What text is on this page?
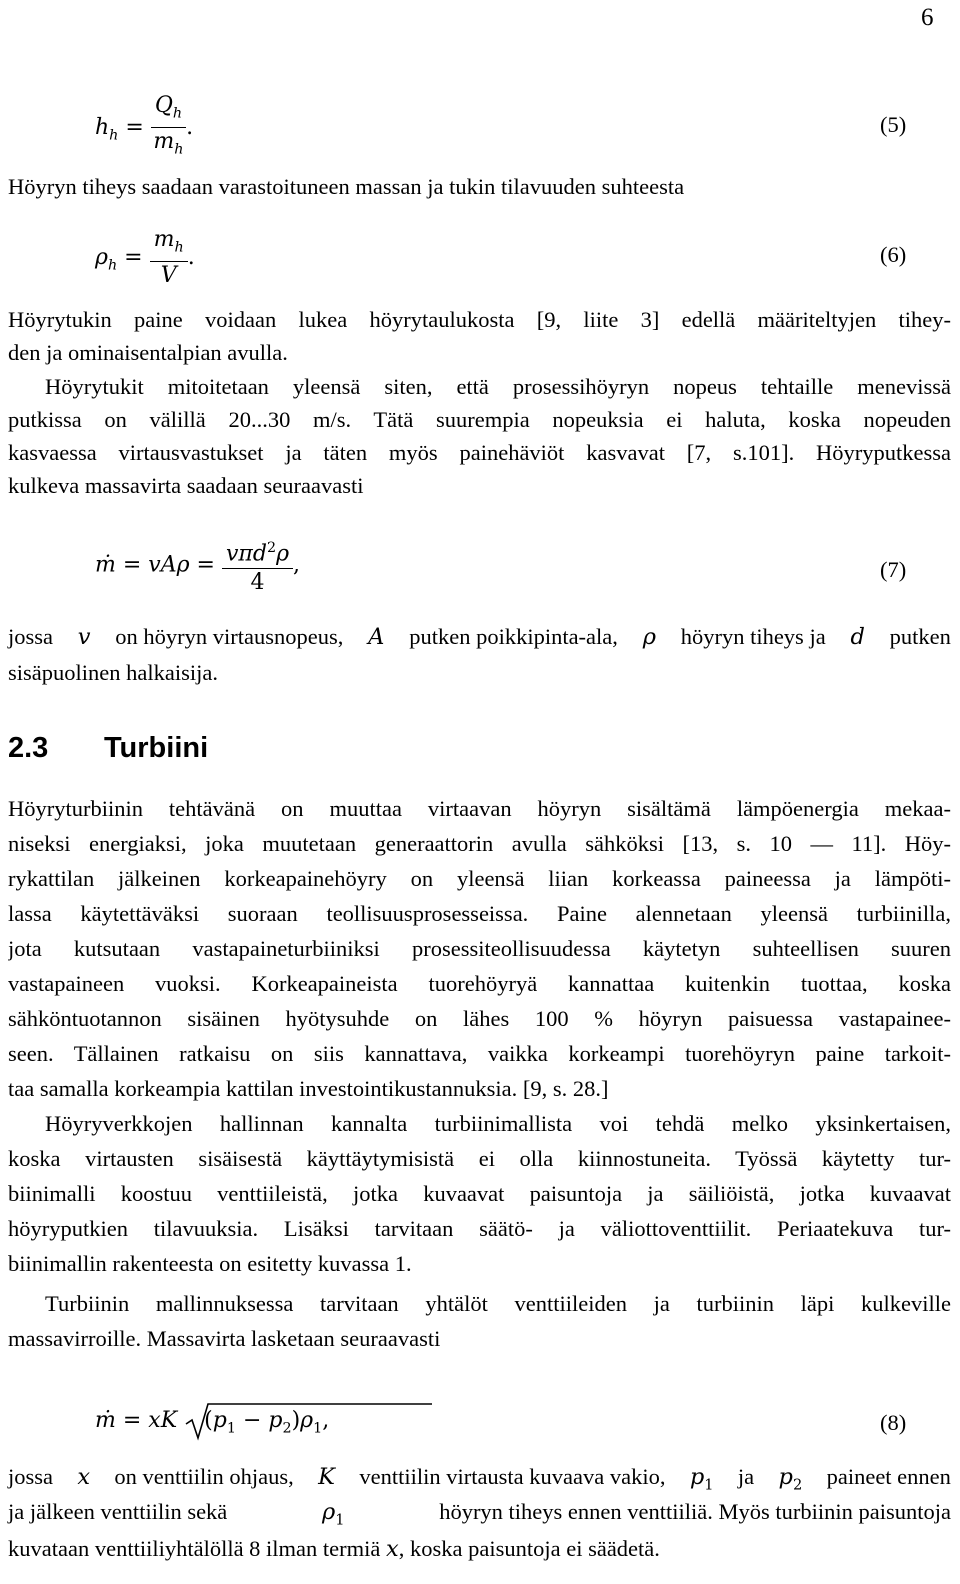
6
$h_h = \frac{Q_h}{m_h}$ .	(5)
Höyryn tiheys saadaan varastoituneen massan ja tukin tilavuuden suhteesta
$\rho_h = \frac{m_h}{V}$ .	(6)
Höyrytukin paine voidaan lukea höyrytaulukosta [9, liite 3] edellä määriteltyjen tihey-
den ja ominaisentalpian avulla.
Höyrytukit mitoitetaan yleensä siten, että prosessihöyryn nopeus tehtaille menevissä
putkissa on välillä 20...30 m/s. Tätä suurempia nopeuksia ei haluta, koska nopeuden
kasvaessa virtausvastukset ja täten myös painehäviöt kasvavat [7, s.101]. Höyryputkessa
kulkeva massavirta saadaan seuraavasti
ṁ = vAρ = vπd$^2$ρ
4
,	(7)
jossa v on höyryn virtausnopeus, A putken poikkipinta-ala, ρ höyryn tiheys ja d putken
sisäpuolinen halkaisija.
2.3 Turbiini
Höyryturbiinin tehtävänä on muuttaa virtaavan höyryn sisältämä lämpöenergia mekaa-
niseksi energiaksi, joka muutetaan generaattorin avulla sähköksi [13, s. 10 — 11]. Höy-
rykattilan jälkeinen korkeapainehöyry on yleensä liian korkeassa paineessa ja lämpöti-
lassa käytettäväksi suoraan teollisuusprosesseissa. Paine alennetaan yleensä turbiinilla,
jota kutsutaan vastapaineturbiiniksi prosessiteollisuudessa käytetyn suhteellisen suuren
vastapaineen vuoksi. Korkeapaineista tuorehöyryä kannattaa kuitenkin tuottaa, koska
sähköntuotannon sisäinen hyötysuhde on lähes 100 % höyryn paisuessa vastapainee-
seen. Tällainen ratkaisu on siis kannattava, vaikka korkeampi tuorehöyryn paine tarkoit-
taa samalla korkeampia kattilan investointikustannuksia. [9, s. 28.]
Höyryverkkojen hallinnan kannalta turbiinimallista voi tehdä melko yksinkertaisen,
koska virtausten sisäisestä käyttäytymisistä ei olla kiinnostuneita. Työssä käytetty tur-
biinimalli koostuu venttiileistä, jotka kuvaavat paisuntoja ja säiliöistä, jotka kuvaavat
höyryputkien tilavuuksia. Lisäksi tarvitaan säätö- ja väliottoventtiilit. Periaatekuva tur-
biinimallin rakenteesta on esitetty kuvassa 1.
Turbiinin mallinnuksessa tarvitaan yhtälöt venttiileiden ja turbiinin läpi kulkeville
massavirroille. Massavirta lasketaan seuraavasti
ṁ = xK
$(p_1 - p_2)\rho_1$,	(8)
jossa x on venttiilin ohjaus, K venttiilin virtausta kuvaava vakio, $p_1$ ja $p_2$ paineet ennen
ja jälkeen venttiilin sekä	$\rho_1$	höyryn tiheys ennen venttiiliä. Myös turbiinin paisuntoja
kuvataan venttiiliyhtälöllä 8 ilman termiä x, koska paisuntoja ei säädetä.
